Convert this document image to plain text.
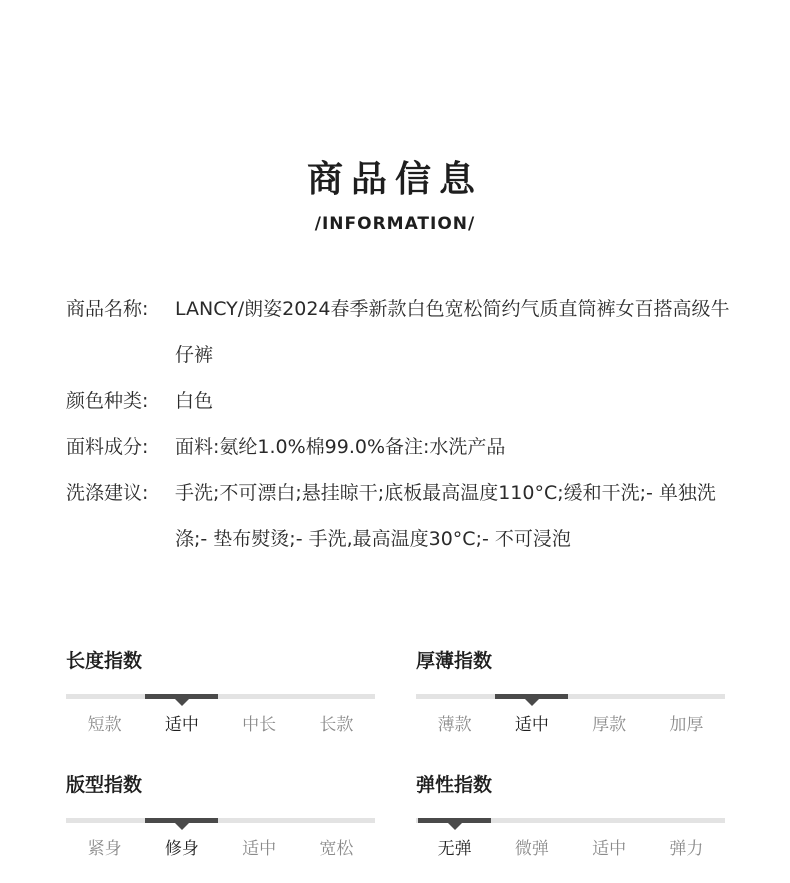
商品信息
/INFORMATION/
商品名称:	LANCY/朗姿2024春季新款白色宽松简约气质直筒裤女百搭高级牛仔裤
颜色种类:	白色
面料成分:	面料:氨纶1.0%棉99.0%备注:水洗产品
洗涤建议:	手洗;不可漂白;悬挂晾干;底板最高温度110°C;缓和干洗;- 单独洗涤;- 垫布熨烫;- 手洗,最高温度30°C;- 不可浸泡
长度指数
短款	适中	中长	长款
厚薄指数
薄款	适中	厚款	加厚
版型指数
紧身	修身	适中	宽松
弹性指数
无弹	微弹	适中	弹力
